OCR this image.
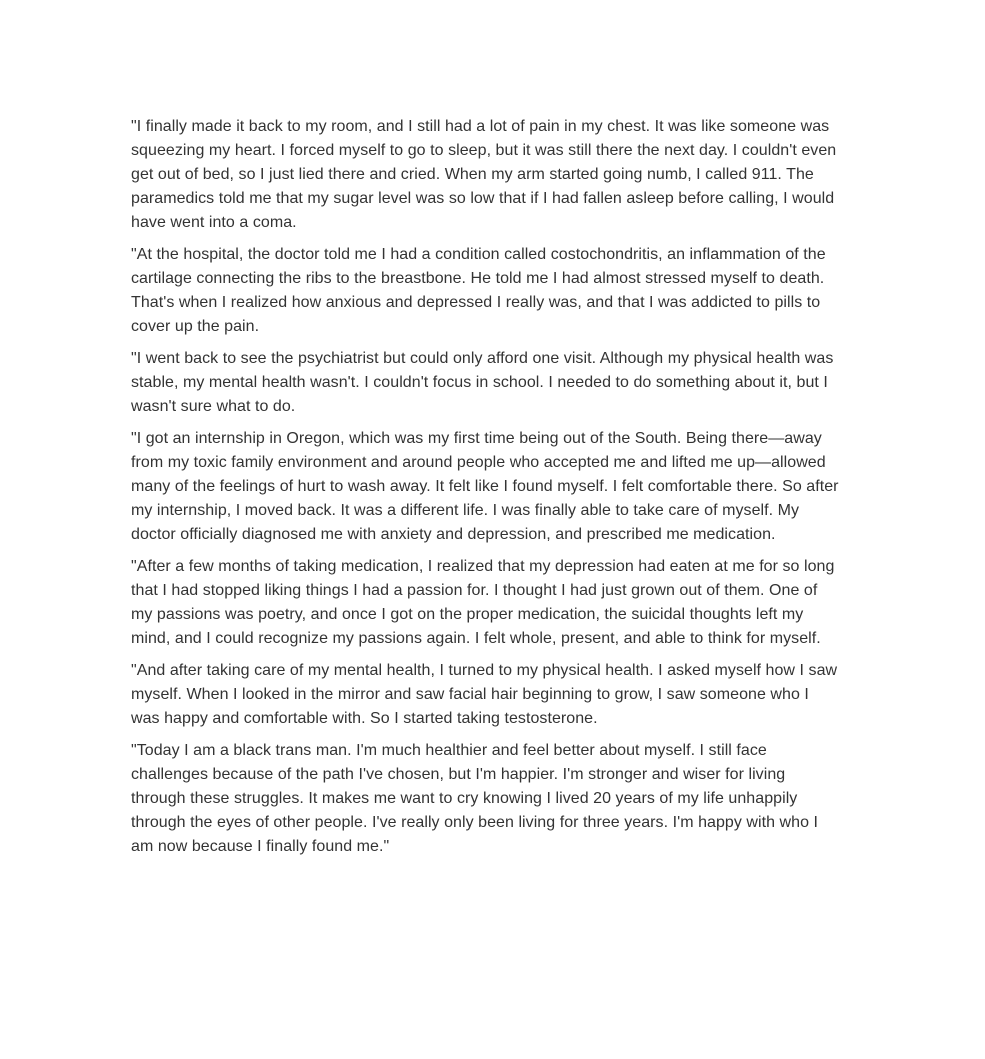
"I finally made it back to my room, and I still had a lot of pain in my chest. It was like someone was squeezing my heart. I forced myself to go to sleep, but it was still there the next day. I couldn't even get out of bed, so I just lied there and cried. When my arm started going numb, I called 911. The paramedics told me that my sugar level was so low that if I had fallen asleep before calling, I would have went into a coma.

"At the hospital, the doctor told me I had a condition called costochondritis, an inflammation of the cartilage connecting the ribs to the breastbone. He told me I had almost stressed myself to death. That's when I realized how anxious and depressed I really was, and that I was addicted to pills to cover up the pain.

"I went back to see the psychiatrist but could only afford one visit. Although my physical health was stable, my mental health wasn't. I couldn't focus in school. I needed to do something about it, but I wasn't sure what to do.

"I got an internship in Oregon, which was my first time being out of the South. Being there—away from my toxic family environment and around people who accepted me and lifted me up—allowed many of the feelings of hurt to wash away. It felt like I found myself. I felt comfortable there. So after my internship, I moved back. It was a different life. I was finally able to take care of myself. My doctor officially diagnosed me with anxiety and depression, and prescribed me medication.

"After a few months of taking medication, I realized that my depression had eaten at me for so long that I had stopped liking things I had a passion for. I thought I had just grown out of them. One of my passions was poetry, and once I got on the proper medication, the suicidal thoughts left my mind, and I could recognize my passions again. I felt whole, present, and able to think for myself.

"And after taking care of my mental health, I turned to my physical health. I asked myself how I saw myself. When I looked in the mirror and saw facial hair beginning to grow, I saw someone who I was happy and comfortable with. So I started taking testosterone.

"Today I am a black trans man. I'm much healthier and feel better about myself. I still face challenges because of the path I've chosen, but I'm happier. I'm stronger and wiser for living through these struggles. It makes me want to cry knowing I lived 20 years of my life unhappily through the eyes of other people. I've really only been living for three years. I'm happy with who I am now because I finally found me."
